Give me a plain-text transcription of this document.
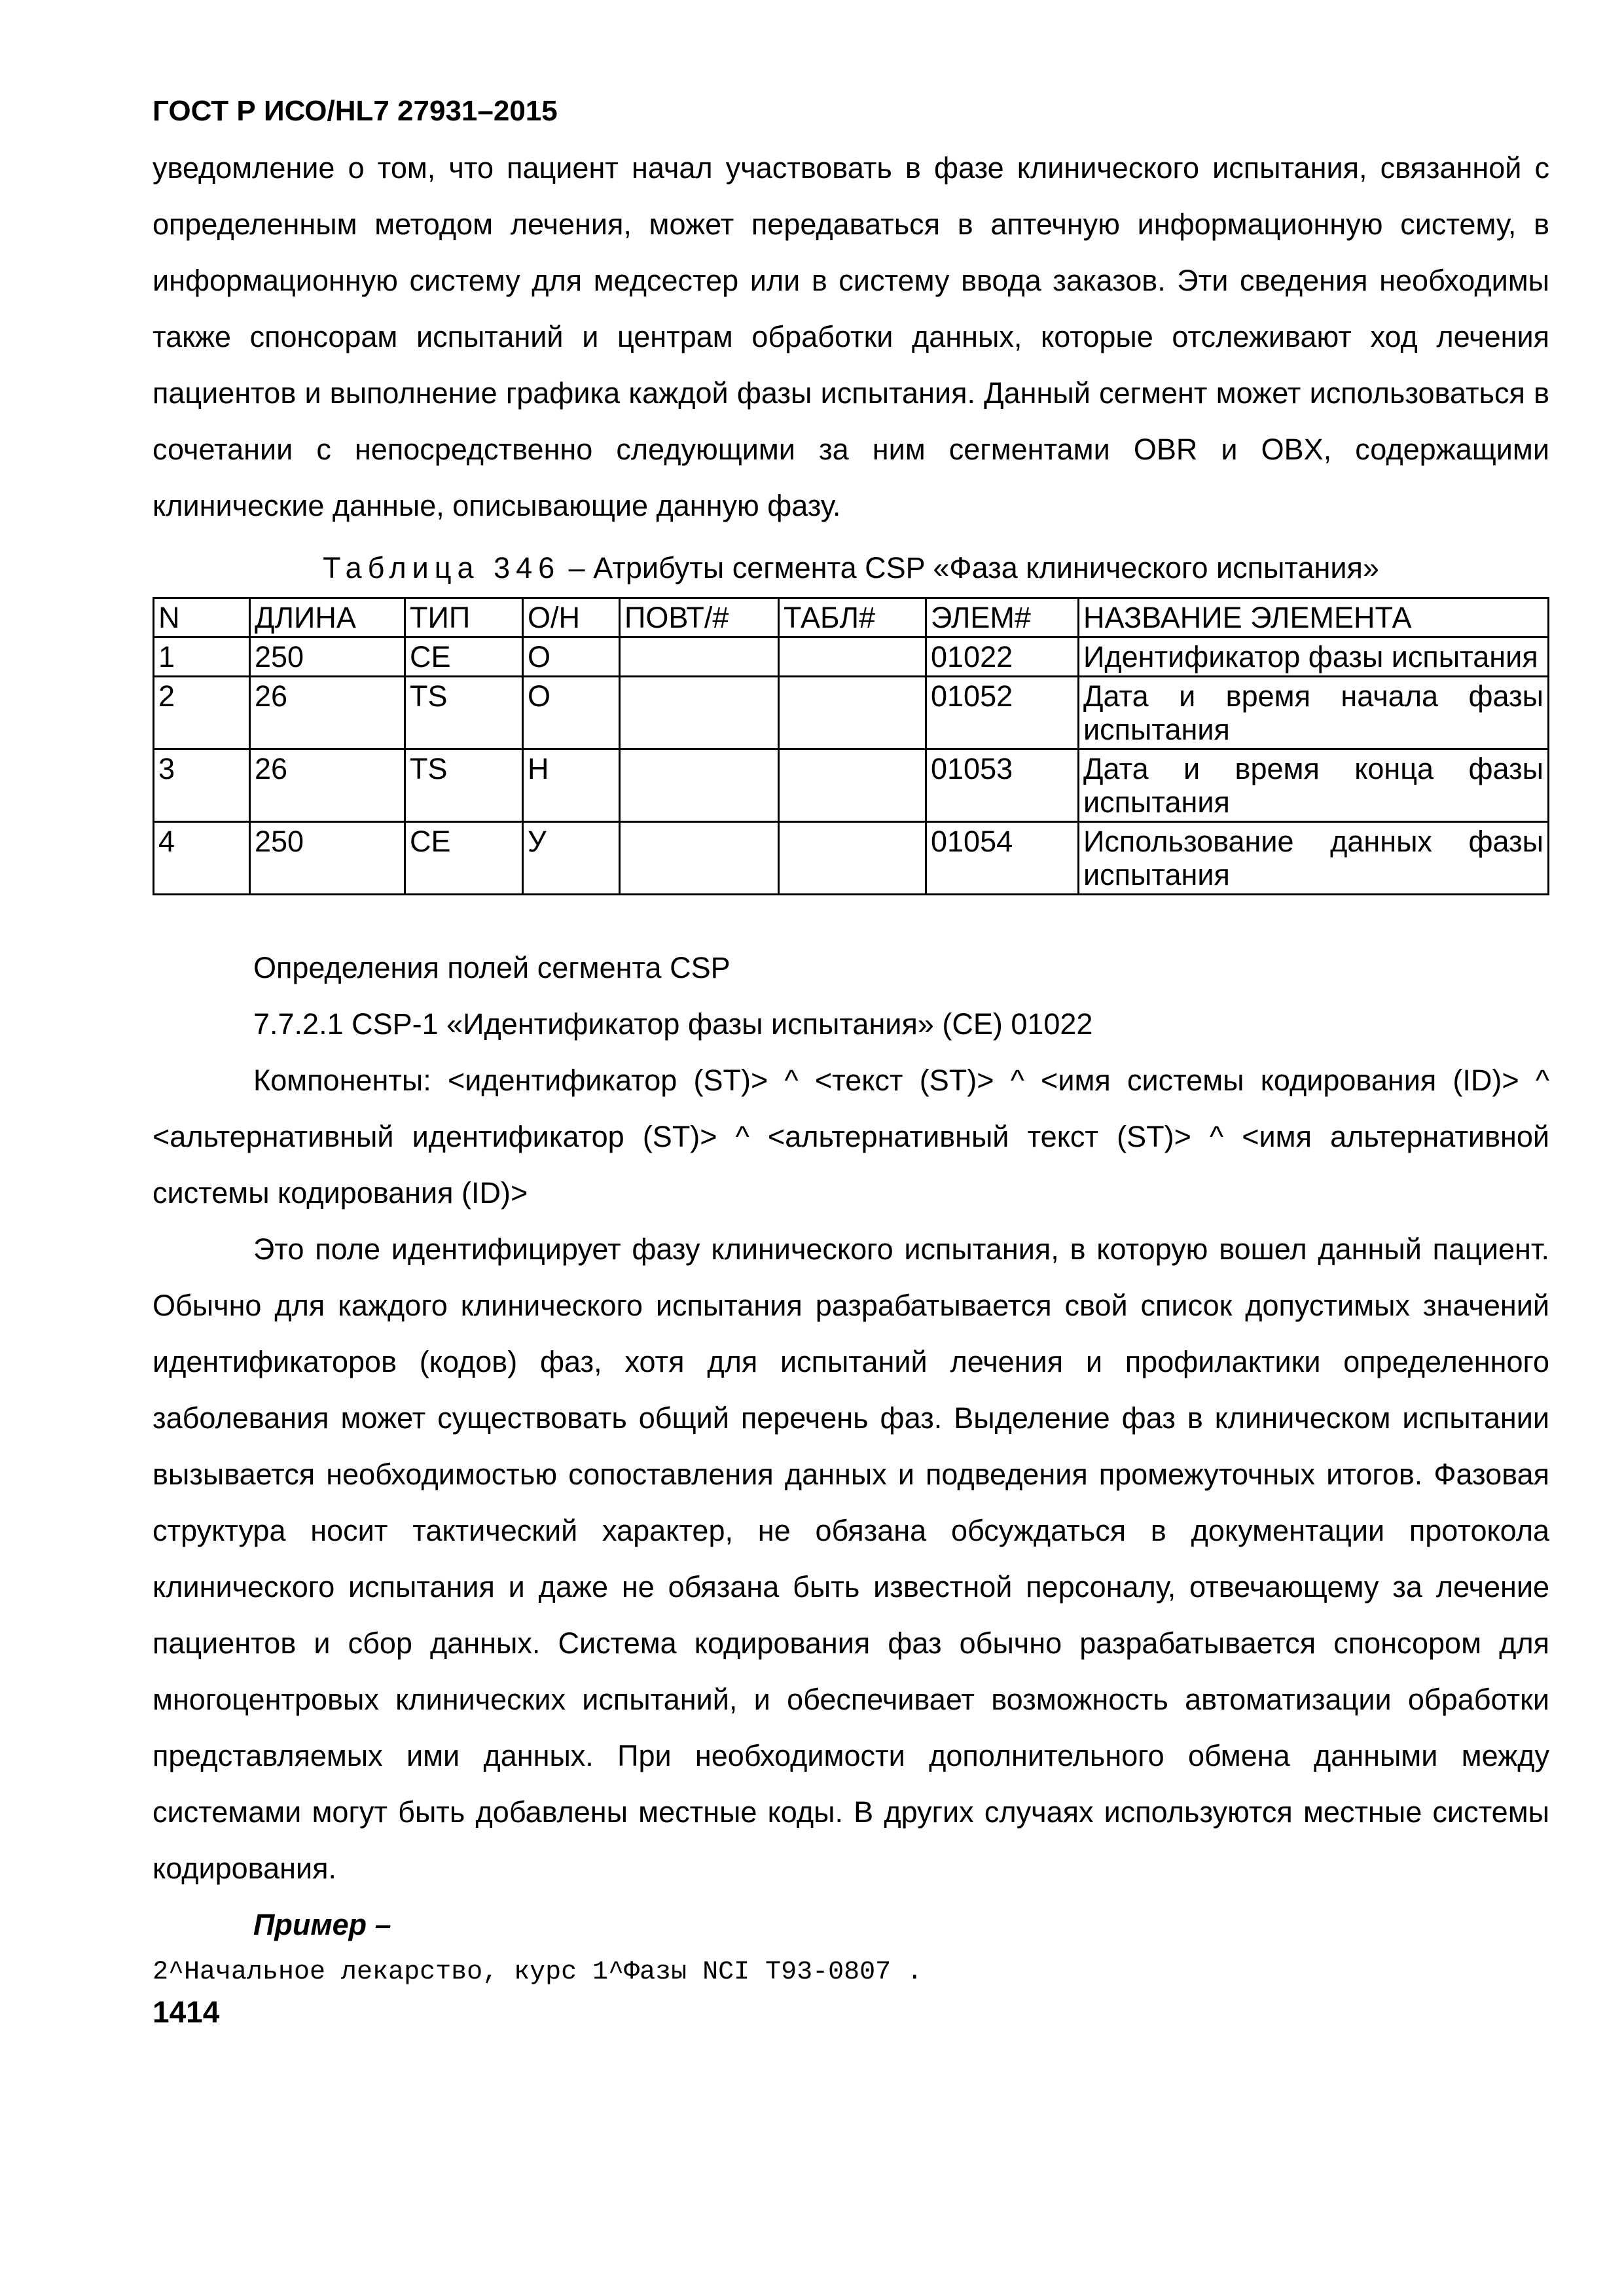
ГОСТ Р ИСО/HL7 27931–2015

уведомление о том, что пациент начал участвовать в фазе клинического испытания, связанной с определенным методом лечения, может передаваться в аптечную информационную систему, в информационную систему для медсестер или в систему ввода заказов. Эти сведения необходимы также спонсорам испытаний и центрам обработки данных, которые отслеживают ход лечения пациентов и выполнение графика каждой фазы испытания. Данный сегмент может использоваться в сочетании с непосредственно следующими за ним сегментами OBR и OBX, содержащими клинические данные, описывающие данную фазу.

Таблица 346 – Атрибуты сегмента CSP «Фаза клинического испытания»
N	ДЛИНА	ТИП	О/Н	ПОВТ/#	ТАБЛ#	ЭЛЕМ#	НАЗВАНИЕ ЭЛЕМЕНТА
1	250	CE	O			01022	Идентификатор фазы испытания
2	26	TS	O			01052	Дата и время начала фазы испытания
3	26	TS	Н			01053	Дата и время конца фазы испытания
4	250	CE	У			01054	Использование данных фазы испытания

Определения полей сегмента CSP

7.7.2.1 CSP-1 «Идентификатор фазы испытания» (CE) 01022

Компоненты: <идентификатор (ST)> ^ <текст (ST)> ^ <имя системы кодирования (ID)> ^ <альтернативный идентификатор (ST)> ^ <альтернативный текст (ST)> ^ <имя альтернативной системы кодирования (ID)>

Это поле идентифицирует фазу клинического испытания, в которую вошел данный пациент. Обычно для каждого клинического испытания разрабатывается свой список допустимых значений идентификаторов (кодов) фаз, хотя для испытаний лечения и профилактики определенного заболевания может существовать общий перечень фаз. Выделение фаз в клиническом испытании вызывается необходимостью сопоставления данных и подведения промежуточных итогов. Фазовая структура носит тактический характер, не обязана обсуждаться в документации протокола клинического испытания и даже не обязана быть известной персоналу, отвечающему за лечение пациентов и сбор данных. Система кодирования фаз обычно разрабатывается спонсором для многоцентровых клинических испытаний, и обеспечивает возможность автоматизации обработки представляемых ими данных. При необходимости дополнительного обмена данными между системами могут быть добавлены местные коды. В других случаях используются местные системы кодирования.

Пример –

2^Начальное лекарство, курс 1^Фазы NCI T93-0807 .

1414
